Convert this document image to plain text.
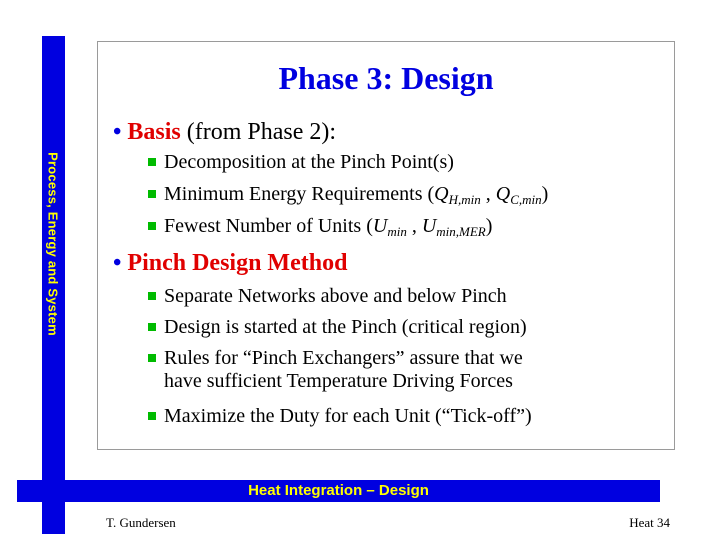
Process, Energy and System
Phase 3: Design
• Basis (from Phase 2):
Decomposition at the Pinch Point(s)
Minimum Energy Requirements ($Q_{H,min}$ , $Q_{C,min}$)
Fewest Number of Units ($U_{min}$ , $U_{min,MER}$)
• Pinch Design Method
Separate Networks above and below Pinch
Design is started at the Pinch (critical region)
Rules for “Pinch Exchangers” assure that we
have sufficient Temperature Driving Forces
Maximize the Duty for each Unit (“Tick-off”)
Heat Integration – Design
T. Gundersen	Heat 34
